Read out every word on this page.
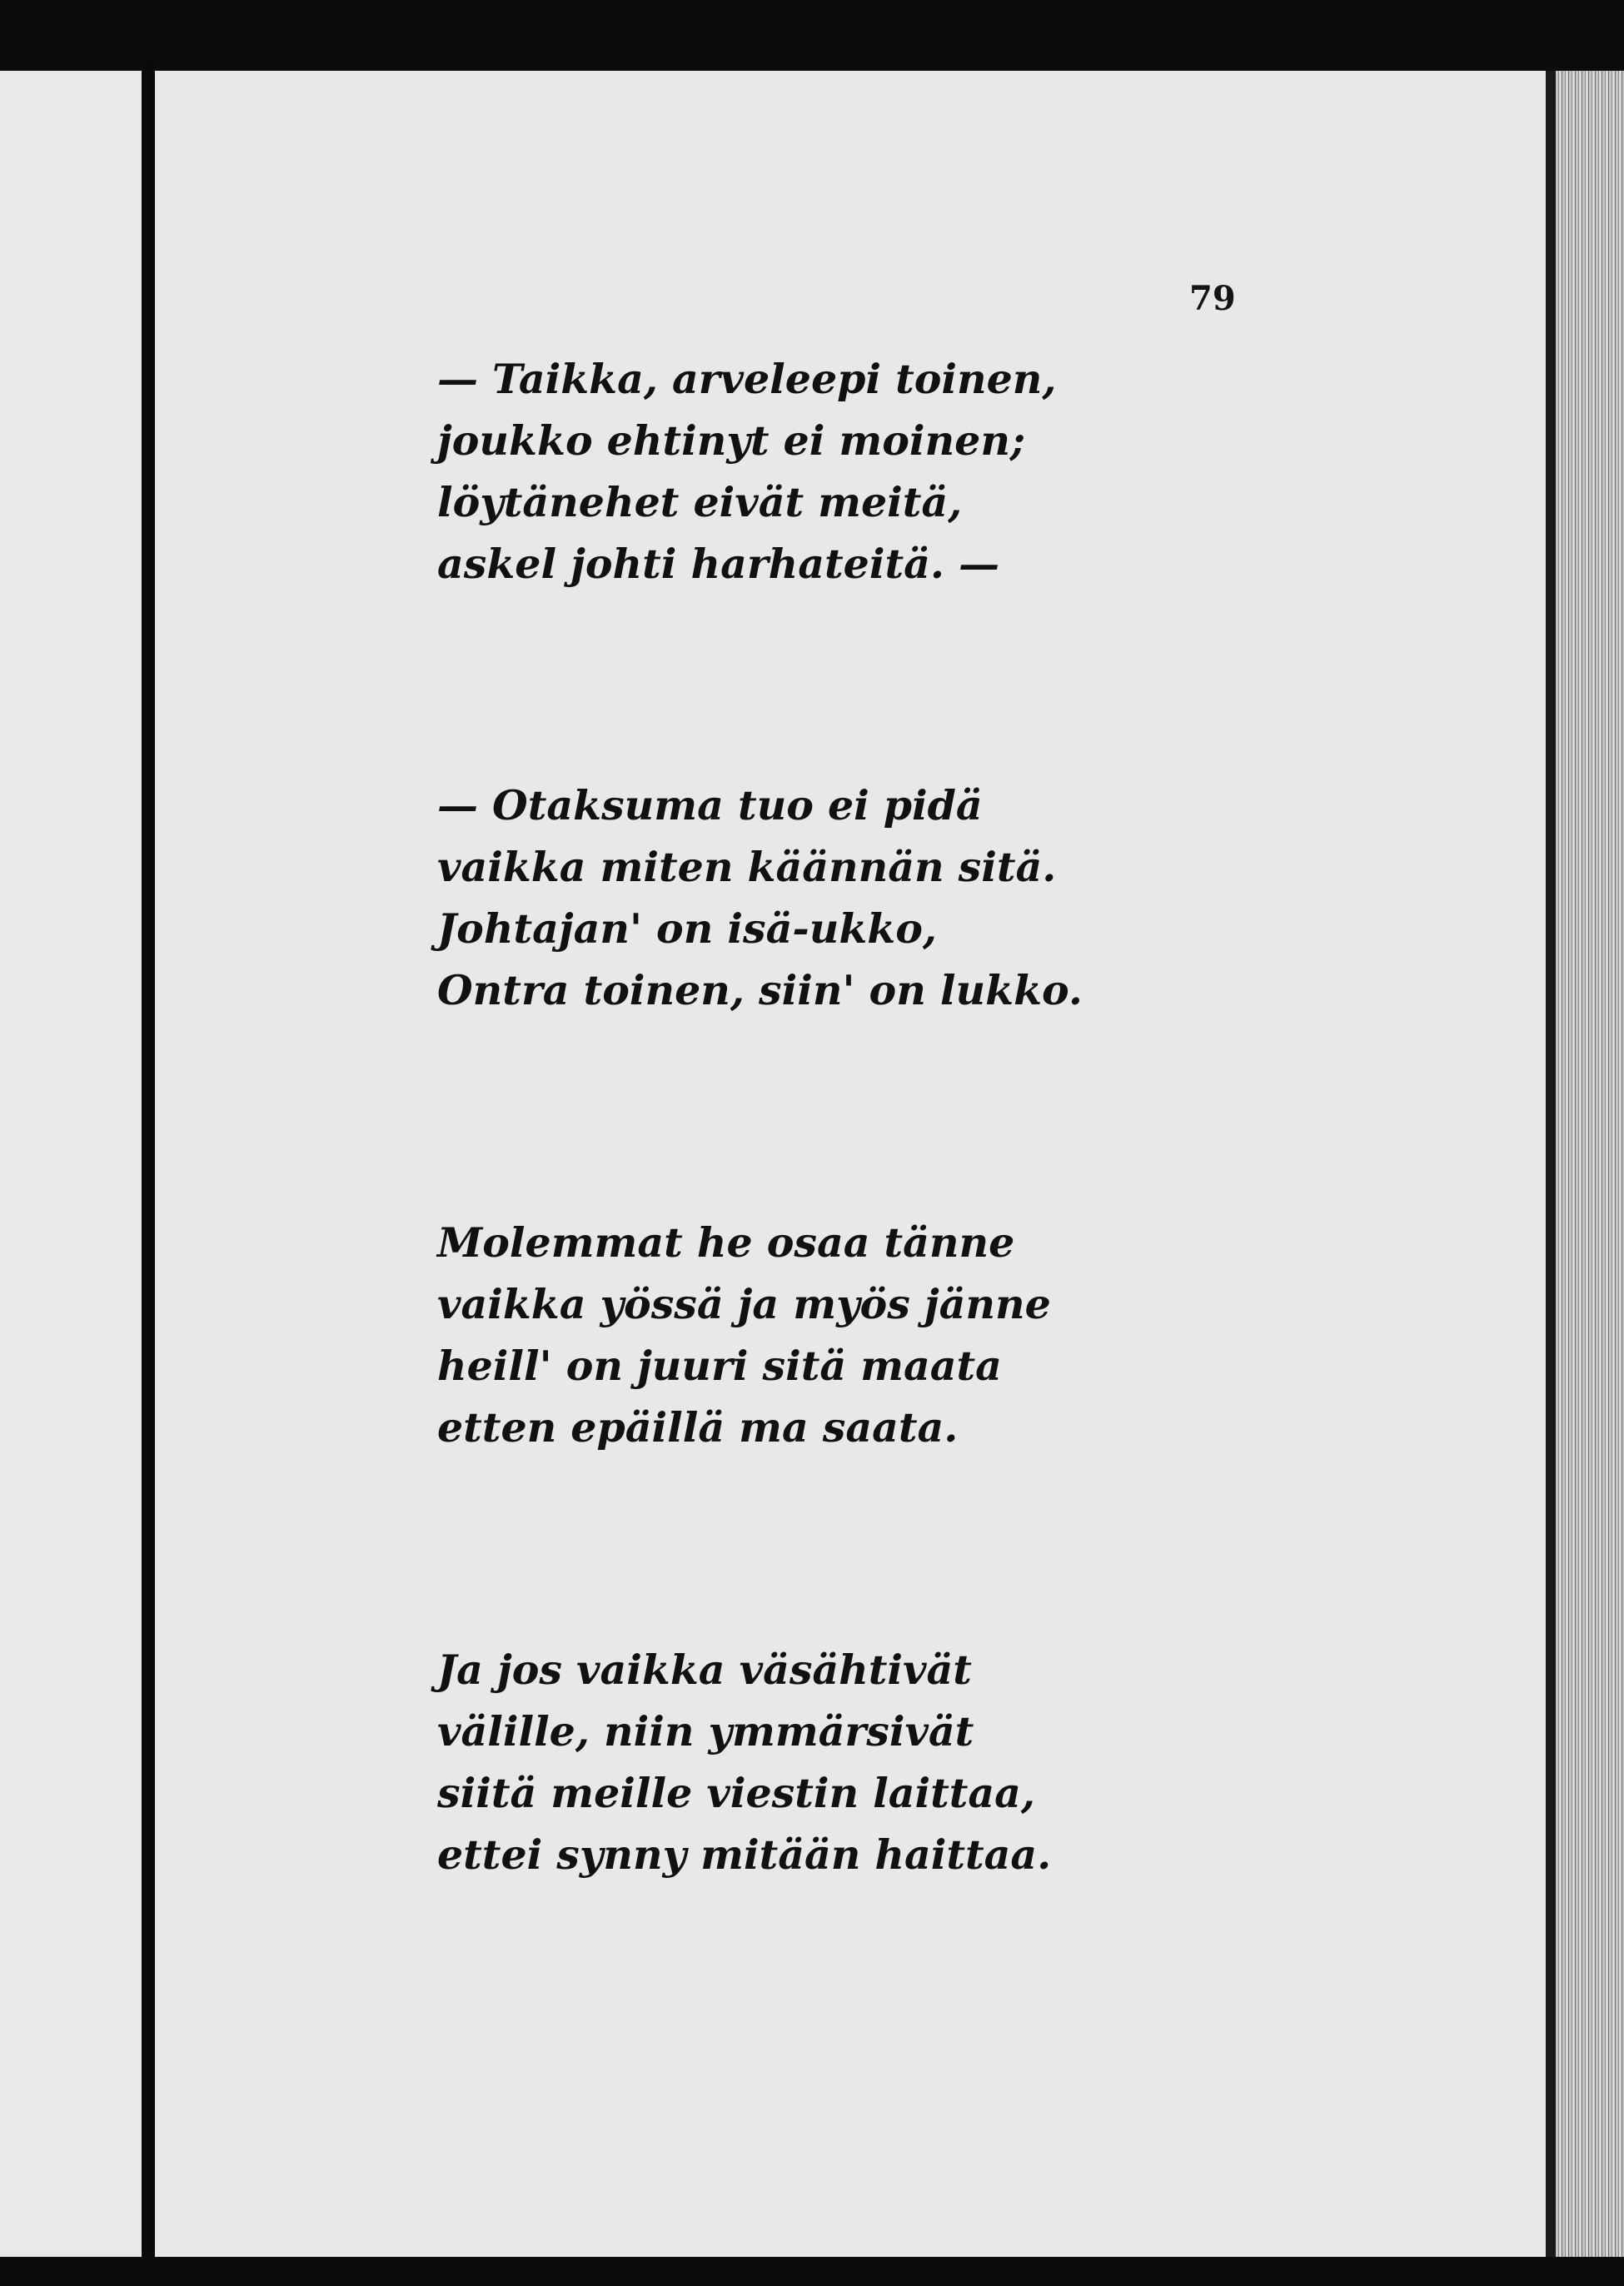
79

— Taikka, arveleepi toinen,
joukko ehtinyt ei moinen;
löytänehet eivät meitä,
askel johti harhateitä. —

— Otaksuma tuo ei pidä
vaikka miten käännän sitä.
Johtajan' on isä-ukko,
Ontra toinen, siin' on lukko.

Molemmat he osaa tänne
vaikka yössä ja myös jänne
heill' on juuri sitä maata
etten epäillä ma saata.

Ja jos vaikka väsähtivät
välille, niin ymmärsivät
siitä meille viestin laittaa,
ettei synny mitään haittaa.
